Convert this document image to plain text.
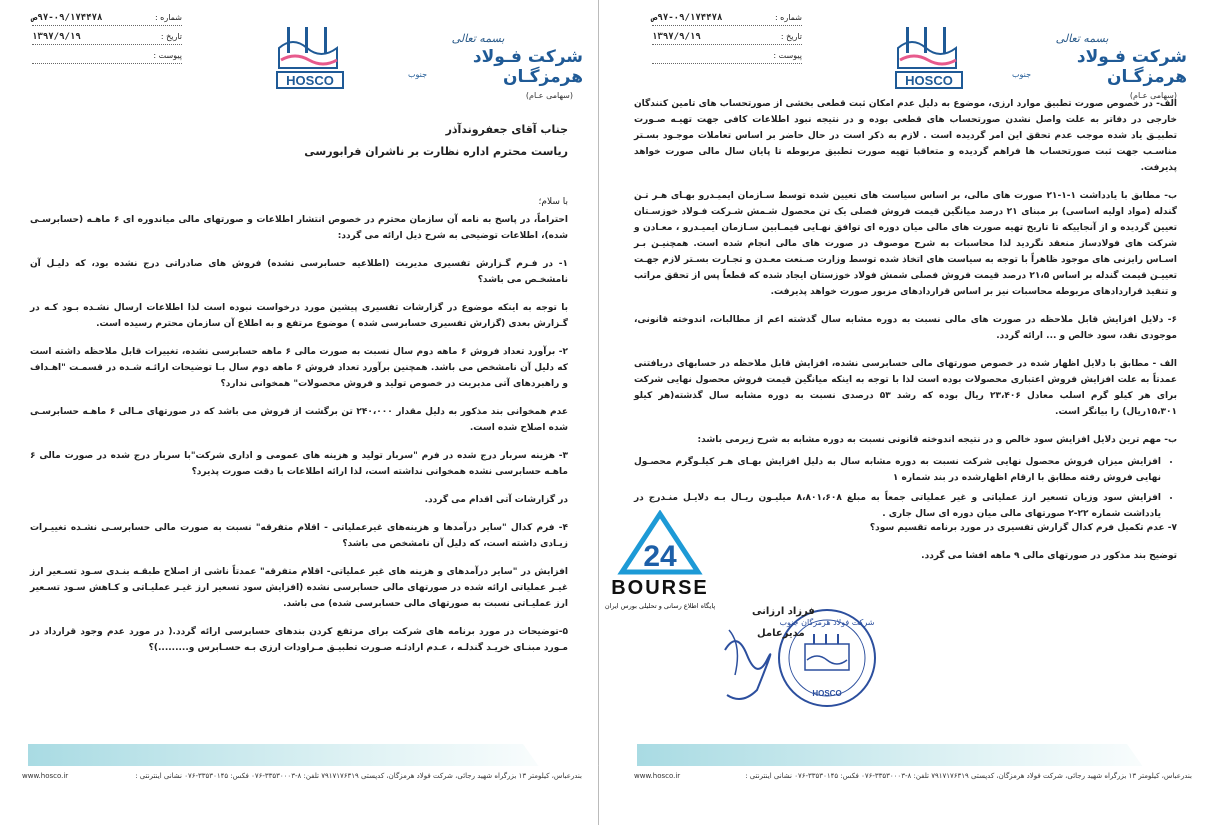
شماره :
۹۷-۰۹/۱۷۴۴۷۸ص
تاریخ :
۱۳۹۷/۹/۱۹
پیوست :
HOSCO
بسمه تعالی
شرکت فـولاد هرمزگـان
جنوب
(سهامی عـام)

جناب آقای جعفروندآذر

ریاست محترم اداره نظارت بر ناشران فرابورسی

با سلام؛

احتراماً، در پاسخ به نامه آن سازمان محترم در خصوص انتشار اطلاعات و صورتهای مالی میاندوره ای ۶ ماهـه (حسابرسـی شده)، اطلاعات توضیحی به شرح ذیل ارائه می گردد:

۱- در فـرم گـزارش تفسیری مدیریت (اطلاعیه حسابرسی نشده) فروش های صادراتی درج نشده بود، که دلیـل آن نامشخـص می باشد؟

با توجه به اینکه موضوع در گزارشات تفسیری پیشین مورد درخواست نبوده است لذا اطلاعات ارسال نشـده بـود کـه در گـزارش بعدی (گزارش تفسیری حسابرسی شده ) موضوع مرتفع و به اطلاع آن سازمان محترم رسیده است.

۲- برآورد تعداد فروش ۶ ماهه دوم سال نسبت به صورت مالی ۶ ماهه حسابرسی نشده، تغییرات قابل ملاحظه داشته است که دلیل آن نامشخص می باشد. همچنین برآورد تعداد فروش ۶ ماهه دوم سال بـا توضیحات ارائـه شـده در قسمـت "اهـداف و راهبردهای آتی مدیریت در خصوص تولید و فروش محصولات" همخوانی ندارد؟

عدم همخوانی بند مذکور به دلیل مقدار ۲۴۰،۰۰۰ تن برگشت از فروش می باشد که در صورتهای مـالی ۶ ماهـه حسابرسـی شده اصلاح شده است.

۳- هزینه سربار درج شده در فرم "سربار تولید و هزینه های عمومی و اداری شرکت"با سربار درج شده در صورت مالی ۶ ماهـه حسابرسی نشده همخوانی نداشته است، لذا ارائه اطلاعات با دقت صورت پذیرد؟

در گزارشات آتی اقدام می گردد.

۴- فرم کدال "سایر درآمدها و هزینه‌های غیرعملیاتی - اقلام متفرقه" نسبت به صورت مالی حسابرسـی نشـده تغییـرات زیـادی داشته است، که دلیل آن نامشخص می باشد؟

افزایش در "سایر درآمدهای و هزینه های غیر عملیاتی- اقلام متفرقه" عمدتاً ناشی از اصلاح طبقـه بنـدی سـود تسـعیر ارز غیـر عملیاتی ارائه شده در صورتهای مالی حسابرسی نشده (افزایش سود تسعیر ارز غیـر عملیـاتی و کـاهش سـود تسـعیر ارز عملیـاتی نسبت به صورتهای مالی حسابرسی شده) می باشد.

۵-توضیحات در مورد برنامه های شرکت برای مرتفع کردن بندهای حسابرسی ارائه گردد.( در مورد عدم وجود قرارداد در مـورد مبنـای خریـد گندلـه ، عـدم ارادئـه صـورت تطبیـق مـراودات ارزی بـه حسـابرس و.........)؟

بندرعباس، کیلومتر ۱۳ بزرگراه شهید رجائی، شرکت فولاد هرمزگان، کدپستی ۷۹۱۷۱۷۶۳۱۹ تلفن: ۸-۳۳۵۳۰۰۰۳-۰۷۶ فکس: ۳۳۵۳۰۱۴۵-۰۷۶ نشانی اینترنتی :
www.hosco.ir
شماره :
۹۷-۰۹/۱۷۴۴۷۸ص
تاریخ :
۱۳۹۷/۹/۱۹
پیوست :
HOSCO
بسمه تعالی
شرکت فـولاد هرمزگـان
جنوب
(سهامی عـام)

الف- در خصوص صورت تطبیق موارد ارزی، موضوع به دلیل عدم امکان ثبت قطعی بخشی از صورتحساب های تامین کنندگان خارجی در دفاتر به علت واصل نشدن صورتحساب های قطعی بوده و در نتیجه نبود اطلاعات کافی جهت تهیـه صـورت تطبیـق یاد شده موجب عدم تحقق این امر گردیده است . لازم به ذکر است در حال حاضر بر اساس تعاملات موجـود بسـتر مناسـب جهت ثبت صورتحساب ها فراهم گردیده و متعاقبا تهیه صورت تطبیق مربوطه تا پایان سال مالی صورت خواهد پذیرفت.

ب- مطابق با یادداشت ۱-۱-۲۱ صورت های مالی، بر اساس سیاست های تعیین شده توسط سـازمان ایمیـدرو بهـای هـر تـن گندله (مواد اولیه اساسی) بر مبنای ۲۱ درصد میانگین قیمت فروش فصلی یک تن محصول شـمش شـرکت فـولاد خوزسـتان تعیین گردیده و از آنجاییکه تا تاریخ تهیه صورت های مالی میان دوره ای توافق نهـایی فیمـابین سـازمان ایمیـدرو ، معـادن و شرکت های فولادساز منعقد نگردید لذا محاسبات به شرح موصوف در صورت های مالی انجام شده است. همچنیـن بـر اسـاس رایزنی های موجود ظاهراً با توجه به سیاست های اتخاذ شده توسط وزارت صـنعت معـدن و تجـارت بسـتر لازم جهـت تعییـن قیمت گندله بر اساس ۲۱،۵ درصد قیمت فروش فصلی شمش فولاد خوزستان ایجاد شده که قطعاً پس از تحقق مراتب و تنفیذ قراردادهای مربوطه محاسبات نیز بر اساس قراردادهای مزبور صورت خواهد پذیرفت.

۶- دلایل افزایش قابل ملاحظه در صورت های مالی نسبت به دوره مشابه سال گذشته اعم از مطالبات، اندوخته قانونی، موجودی نقد، سود خالص و ... ارائه گردد.

الف - مطابق با دلایل اظهار شده در خصوص صورتهای مالی حسابرسی نشده، افزایش قابل ملاحظه در حسابهای دریافتنی عمدتاً به علت افزایش فروش اعتباری محصولات بوده است لذا با توجه به اینکه میانگین قیمت فروش محصول نهایی شرکت برای هر کیلو گرم اسلب معادل ۲۳،۴۰۶ ریال بوده که رشد ۵۳ درصدی نسبت به دوره مشابه سال گذشته(هر کیلو ۱۵،۳۰۱ریال) را بیانگر است.

ب- مهم ترین دلایل افزایش سود خالص و در نتیجه اندوخته قانونی نسبت به دوره مشابه به شرح زیرمی باشد:

• افزایش میزان فروش محصول نهایی شرکت نسبت به دوره مشابه سال به دلیل افزایش بهـای هـر کیلـوگرم محصـول نهایی فروش رفته مطابق با ارقام اظهارشده در بند شماره ۱
• افزایش سود وزیان تسعیر ارز عملیاتی و غیر عملیاتی جمعاً به مبلغ ۸،۸۰۱،۶۰۸ میلیـون ریـال بـه دلایـل منـدرج در یادداشت شماره ۲۲-۲ صورتهای مالی میان دوره ای سال جاری .

۷- عدم تکمیل فرم کدال گزارش تفسیری در مورد برنامه تقسیم سود؟

توضیح بند مذکور در صورتهای مالی ۹ ماهه افشا می گردد.

بندرعباس، کیلومتر ۱۳ بزرگراه شهید رجائی، شرکت فولاد هرمزگان، کدپستی ۷۹۱۷۱۷۶۳۱۹ تلفن: ۸-۳۳۵۳۰۰۰۳-۰۷۶ فکس: ۳۳۵۳۰۱۴۵-۰۷۶ نشانی اینترنتی :
www.hosco.ir
شرکت فولاد هرمزگان جنوب
HOSCO
فرزاد ارزانی
مدیرعامل
24
BOURSE
پایگاه اطلاع رسانی و تحلیلی بورس ایران
